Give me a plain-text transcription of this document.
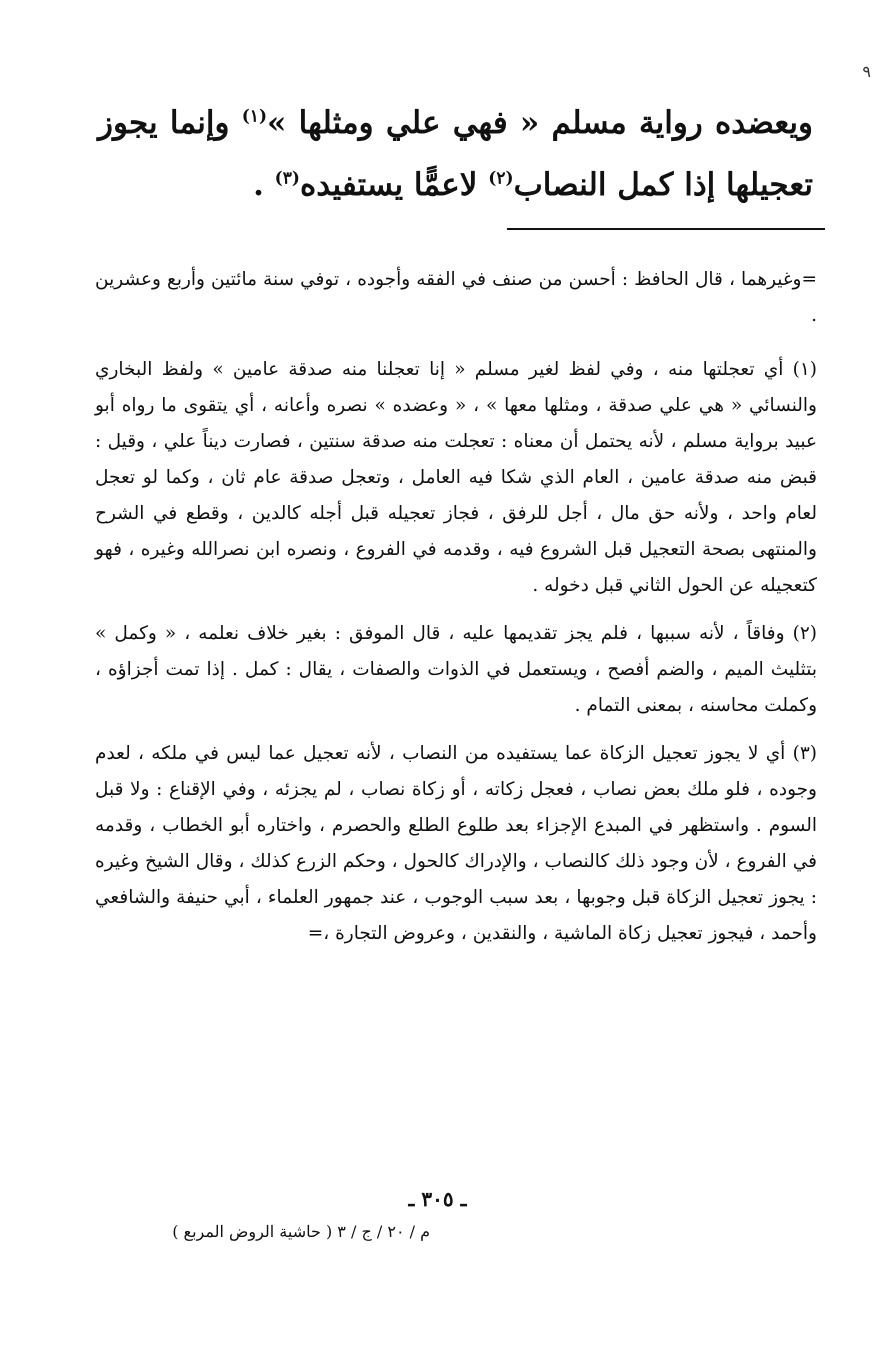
٩
ويعضده رواية مسلم « فهي علي ومثلها »$^{(١)}$ وإنما يجوز تعجيلها إذا كمل النصاب$^{(٢)}$ لاعمًّا يستفيده$^{(٣)}$ .

=وغيرهما ، قال الحافظ : أحسن من صنف في الفقه وأجوده ، توفي سنة مائتين وأربع وعشرين .

(١) أي تعجلتها منه ، وفي لفظ لغير مسلم « إنا تعجلنا منه صدقة عامين » ولفظ البخاري والنسائي « هي علي صدقة ، ومثلها معها » ، « وعضده » نصره وأعانه ، أي يتقوى ما رواه أبو عبيد برواية مسلم ، لأنه يحتمل أن معناه : تعجلت منه صدقة سنتين ، فصارت ديناً علي ، وقيل : قبض منه صدقة عامين ، العام الذي شكا فيه العامل ، وتعجل صدقة عام ثان ، وكما لو تعجل لعام واحد ، ولأنه حق مال ، أجل للرفق ، فجاز تعجيله قبل أجله كالدين ، وقطع في الشرح والمنتهى بصحة التعجيل قبل الشروع فيه ، وقدمه في الفروع ، ونصره ابن نصرالله وغيره ، فهو كتعجيله عن الحول الثاني قبل دخوله .

(٢) وفاقاً ، لأنه سببها ، فلم يجز تقديمها عليه ، قال الموفق : بغير خلاف نعلمه ، « وكمل » بتثليث الميم ، والضم أفصح ، ويستعمل في الذوات والصفات ، يقال : كمل . إذا تمت أجزاؤه ، وكملت محاسنه ، بمعنى التمام .

(٣) أي لا يجوز تعجيل الزكاة عما يستفيده من النصاب ، لأنه تعجيل عما ليس في ملكه ، لعدم وجوده ، فلو ملك بعض نصاب ، فعجل زكاته ، أو زكاة نصاب ، لم يجزئه ، وفي الإقناع : ولا قبل السوم . واستظهر في المبدع الإجزاء بعد طلوع الطلع والحصرم ، واختاره أبو الخطاب ، وقدمه في الفروع ، لأن وجود ذلك كالنصاب ، والإدراك كالحول ، وحكم الزرع كذلك ، وقال الشيخ وغيره : يجوز تعجيل الزكاة قبل وجوبها ، بعد سبب الوجوب ، عند جمهور العلماء ، أبي حنيفة والشافعي وأحمد ، فيجوز تعجيل زكاة الماشية ، والنقدين ، وعروض التجارة ،=

ـ ٣٠٥ ـ
م / ٢٠ / ج / ٣ ( حاشية الروض المربع )
